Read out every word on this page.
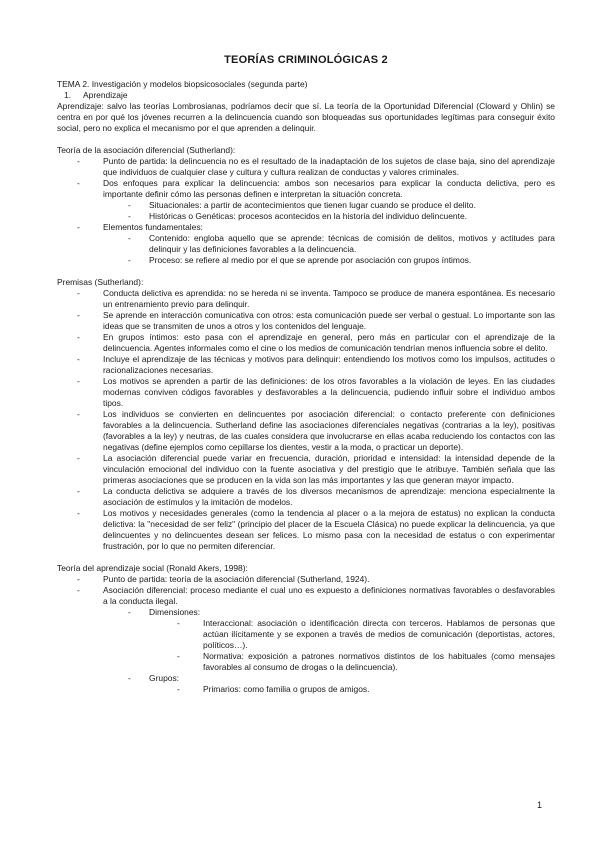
TEORÍAS CRIMINOLÓGICAS 2

TEMA 2. Investigación y modelos biopsicosociales (segunda parte)

1.	Aprendizaje

Aprendizaje: salvo las teorías Lombrosianas, podríamos decir que sí. La teoría de la Oportunidad Diferencial (Cloward y Ohlin) se centra en por qué los jóvenes recurren a la delincuencia cuando son bloqueadas sus oportunidades legítimas para conseguir éxito social, pero no explica el mecanismo por el que aprenden a delinquir.

Teoría de la asociación diferencial (Sutherland):

-	Punto de partida: la delincuencia no es el resultado de la inadaptación de los sujetos de clase baja, sino del aprendizaje que individuos de cualquier clase y cultura y cultura realizan de conductas y valores criminales.
-	Dos enfoques para explicar la delincuencia: ambos son necesarios para explicar la conducta delictiva, pero es importante definir cómo las personas definen e interpretan la situación concreta.
-	Situacionales: a partir de acontecimientos que tienen lugar cuando se produce el delito.
-	Históricas o Genéticas: procesos acontecidos en la historia del individuo delincuente.
-	Elementos fundamentales:
-	Contenido: engloba aquello que se aprende: técnicas de comisión de delitos, motivos y actitudes para delinquir y las definiciones favorables a la delincuencia.
-	Proceso: se refiere al medio por el que se aprende por asociación con grupos íntimos.

Premisas (Sutherland):

-	Conducta delictiva es aprendida: no se hereda ni se inventa. Tampoco se produce de manera espontánea. Es necesario un entrenamiento previo para delinquir.
-	Se aprende en interacción comunicativa con otros: esta comunicación puede ser verbal o gestual. Lo importante son las ideas que se transmiten de unos a otros y los contenidos del lenguaje.
-	En grupos íntimos: esto pasa con el aprendizaje en general, pero más en particular con el aprendizaje de la delincuencia. Agentes informales como el cine o los medios de comunicación tendrían menos influencia sobre el delito.
-	Incluye el aprendizaje de las técnicas y motivos para delinquir: entendiendo los motivos como los impulsos, actitudes o racionalizaciones necesarias.
-	Los motivos se aprenden a partir de las definiciones: de los otros favorables a la violación de leyes. En las ciudades modernas conviven códigos favorables y desfavorables a la delincuencia, pudiendo influir sobre el individuo ambos tipos.
-	Los individuos se convierten en delincuentes por asociación diferencial: o contacto preferente con definiciones favorables a la delincuencia. Sutherland define las asociaciones diferenciales negativas (contrarias a la ley), positivas (favorables a la ley) y neutras, de las cuales considera que involucrarse en ellas acaba reduciendo los contactos con las negativas (define ejemplos como cepillarse los dientes, vestir a la moda, o practicar un deporte).
-	La asociación diferencial puede variar en frecuencia, duración, prioridad e intensidad: la intensidad depende de la vinculación emocional del individuo con la fuente asociativa y del prestigio que le atribuye. También señala que las primeras asociaciones que se producen en la vida son las más importantes y las que generan mayor impacto.
-	La conducta delictiva se adquiere a través de los diversos mecanismos de aprendizaje: menciona especialmente la asociación de estímulos y la imitación de modelos.
-	Los motivos y necesidades generales (como la tendencia al placer o a la mejora de estatus) no explican la conducta delictiva: la "necesidad de ser feliz" (principio del placer de la Escuela Clásica) no puede explicar la delincuencia, ya que delincuentes y no delincuentes desean ser felices. Lo mismo pasa con la necesidad de estatus o con experimentar frustración, por lo que no permiten diferenciar.

Teoría del aprendizaje social (Ronald Akers, 1998):

-	Punto de partida: teoría de la asociación diferencial (Sutherland, 1924).
-	Asociación diferencial: proceso mediante el cual uno es expuesto a definiciones normativas favorables o desfavorables a la conducta ilegal.
-	Dimensiones:
-	Interaccional: asociación o identificación directa con terceros. Hablamos de personas que actúan ilícitamente y se exponen a través de medios de comunicación (deportistas, actores, políticos…).
-	Normativa: exposición a patrones normativos distintos de los habituales (como mensajes favorables al consumo de drogas o la delincuencia).
-	Grupos:
-	Primarios: como familia o grupos de amigos.
1
